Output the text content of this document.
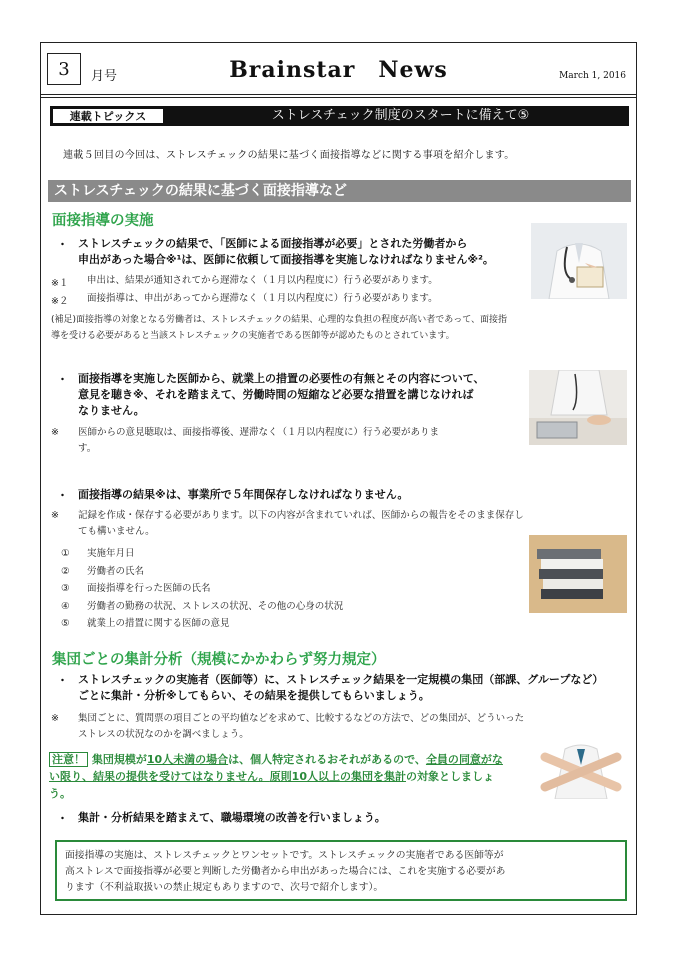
3	月号	Brainstar　News	March 1, 2016
連載トピックス	ストレスチェック制度のスタートに備えて⑤
連載５回目の今回は、ストレスチェックの結果に基づく面接指導などに関する事項を紹介します。
ストレスチェックの結果に基づく面接指導など
面接指導の実施
・ ストレスチェックの結果で、「医師による面接指導が必要」とされた労働者から
申出があった場合※¹は、医師に依頼して面接指導を実施しなければなりません※²。
※１ 申出は、結果が通知されてから遅滞なく（１月以内程度に）行う必要があります。
※２ 面接指導は、申出があってから遅滞なく（１月以内程度に）行う必要があります。
(補足)面接指導の対象となる労働者は、ストレスチェックの結果、心理的な負担の程度が高い者であって、面接指
導を受ける必要があると当該ストレスチェックの実施者である医師等が認めたものとされています。
・ 面接指導を実施した医師から、就業上の措置の必要性の有無とその内容について、
意見を聴き※、それを踏まえて、労働時間の短縮など必要な措置を講じなければ
なりません。
※ 医師からの意見聴取は、面接指導後、遅滞なく（１月以内程度に）行う必要がありま
す。
・ 面接指導の結果※は、事業所で５年間保存しなければなりません。
※ 記録を作成・保存する必要があります。以下の内容が含まれていれば、医師からの報告をそのまま保存し
ても構いません。
① 実施年月日
② 労働者の氏名
③ 面接指導を行った医師の氏名
④ 労働者の勤務の状況、ストレスの状況、その他の心身の状況
⑤ 就業上の措置に関する医師の意見
集団ごとの集計分析（規模にかかわらず努力規定）
・ ストレスチェックの実施者（医師等）に、ストレスチェック結果を一定規模の集団（部課、グループなど）
ごとに集計・分析※してもらい、その結果を提供してもらいましょう。
※ 集団ごとに、質問票の項目ごとの平均値などを求めて、比較するなどの方法で、どの集団が、どういった
ストレスの状況なのかを調べましょう。
注意！ 集団規模が10人未満の場合は、個人特定されるおそれがあるので、全員の同意がない限り、結果の提供を受けてはなりません。原則10人以上の集団を集計の対象としましょう。
・ 集計・分析結果を踏まえて、職場環境の改善を行いましょう。
面接指導の実施は、ストレスチェックとワンセットです。ストレスチェックの実施者である医師等が
高ストレスで面接指導が必要と判断した労働者から申出があった場合には、これを実施する必要があ
ります（不利益取扱いの禁止規定もありますので、次号で紹介します）。
